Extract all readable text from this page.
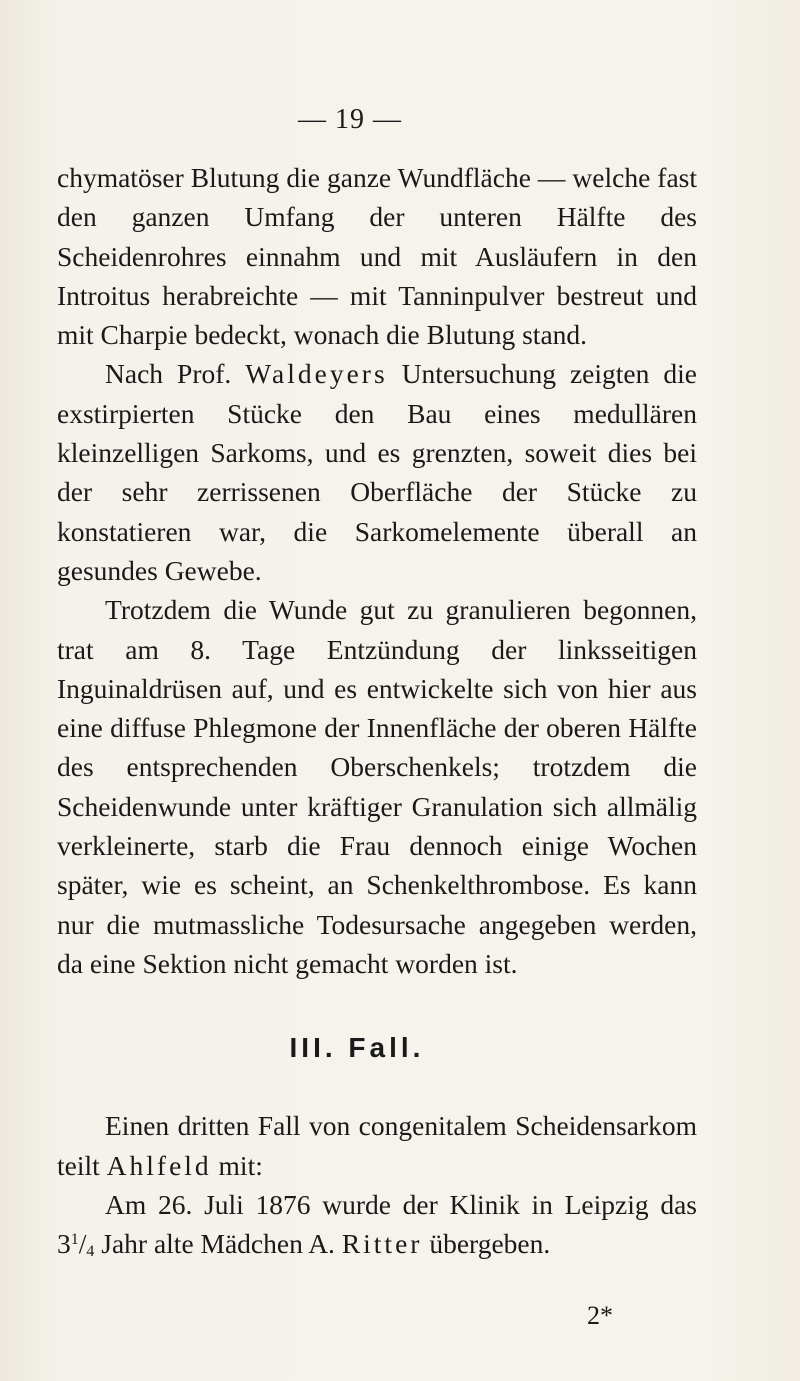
— 19 —

chymatöser Blutung die ganze Wundfläche — welche fast den ganzen Umfang der unteren Hälfte des Scheidenrohres einnahm und mit Ausläufern in den Introitus herabreichte — mit Tanninpulver bestreut und mit Charpie bedeckt, wonach die Blutung stand.

Nach Prof. Waldeyers Untersuchung zeigten die exstirpierten Stücke den Bau eines medullären kleinzelligen Sarkoms, und es grenzten, soweit dies bei der sehr zerrissenen Oberfläche der Stücke zu konstatieren war, die Sarkomelemente überall an gesundes Gewebe.

Trotzdem die Wunde gut zu granulieren begonnen, trat am 8. Tage Entzündung der linksseitigen Inguinaldrüsen auf, und es entwickelte sich von hier aus eine diffuse Phlegmone der Innenfläche der oberen Hälfte des entsprechenden Oberschenkels; trotzdem die Scheidenwunde unter kräftiger Granulation sich allmälig verkleinerte, starb die Frau dennoch einige Wochen später, wie es scheint, an Schenkelthrombose. Es kann nur die mutmassliche Todesursache angegeben werden, da eine Sektion nicht gemacht worden ist.

III. Fall.

Einen dritten Fall von congenitalem Scheidensarkom teilt Ahlfeld mit:

Am 26. Juli 1876 wurde der Klinik in Leipzig das $3^1/_4$ Jahr alte Mädchen A. Ritter übergeben.

2*
